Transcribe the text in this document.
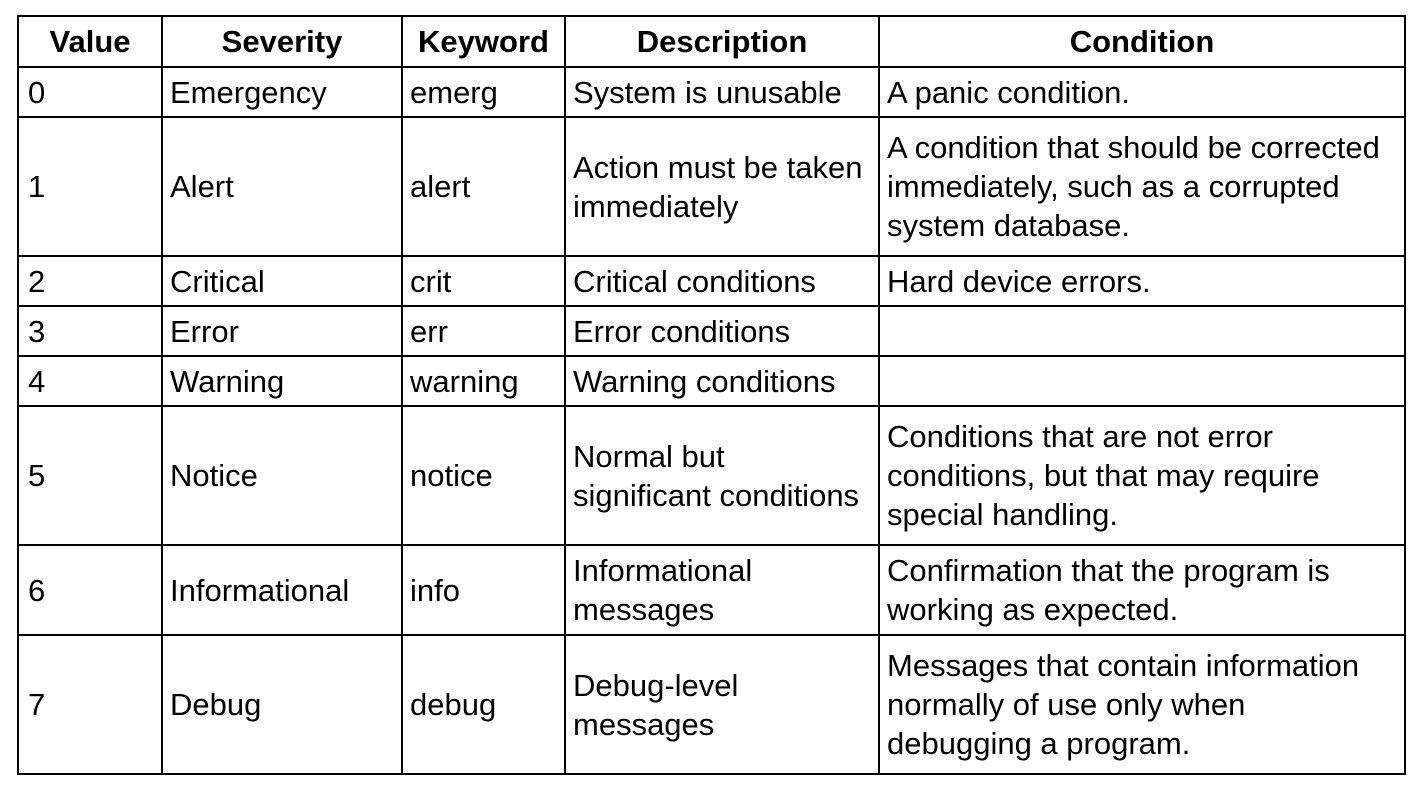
Value	Severity	Keyword	Description	Condition
0	Emergency	emerg	System is unusable	A panic condition.
1	Alert	alert	Action must be taken immediately	A condition that should be corrected immediately, such as a corrupted system database.
2	Critical	crit	Critical conditions	Hard device errors.
3	Error	err	Error conditions	
4	Warning	warning	Warning conditions	
5	Notice	notice	Normal but significant conditions	Conditions that are not error conditions, but that may require special handling.
6	Informational	info	Informational messages	Confirmation that the program is working as expected.
7	Debug	debug	Debug-level messages	Messages that contain information normally of use only when debugging a program.
